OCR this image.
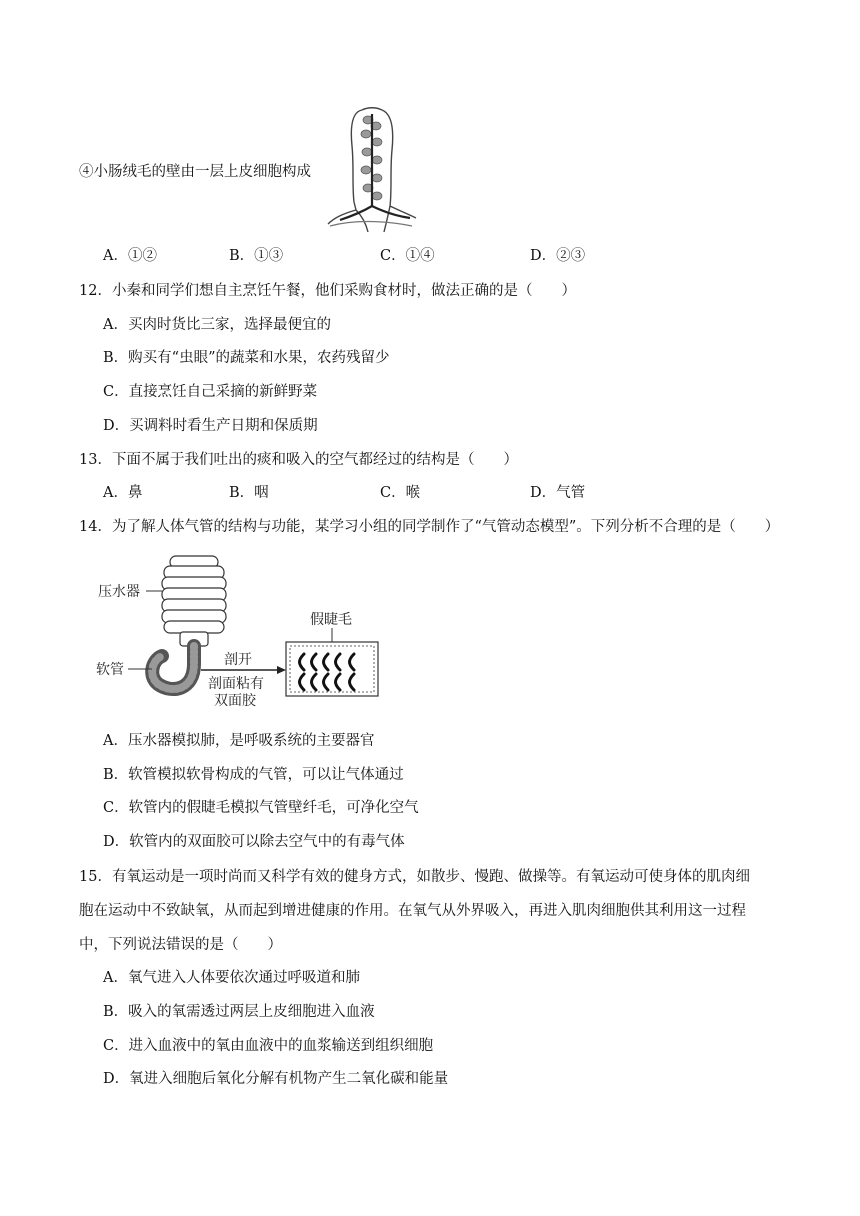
④小肠绒毛的壁由一层上皮细胞构成
A．①②	B．①③	C．①④	D．②③
12．小秦和同学们想自主烹饪午餐，他们采购食材时，做法正确的是（　　）
A．买肉时货比三家，选择最便宜的
B．购买有“虫眼”的蔬菜和水果，农药残留少
C．直接烹饪自己采摘的新鲜野菜
D．买调料时看生产日期和保质期
13．下面不属于我们吐出的痰和吸入的空气都经过的结构是（　　）
A．鼻	B．咽	C．喉	D．气管
14．为了解人体气管的结构与功能，某学习小组的同学制作了“气管动态模型”。下列分析不合理的是（　　）
压水器
软管
剖开
剖面粘有
双面胶
假睫毛
A．压水器模拟肺，是呼吸系统的主要器官
B．软管模拟软骨构成的气管，可以让气体通过
C．软管内的假睫毛模拟气管壁纤毛，可净化空气
D．软管内的双面胶可以除去空气中的有毒气体
15．有氧运动是一项时尚而又科学有效的健身方式，如散步、慢跑、做操等。有氧运动可使身体的肌肉细
胞在运动中不致缺氧，从而起到增进健康的作用。在氧气从外界吸入，再进入肌肉细胞供其利用这一过程
中，下列说法错误的是（　　）
A．氧气进入人体要依次通过呼吸道和肺
B．吸入的氧需透过两层上皮细胞进入血液
C．进入血液中的氧由血液中的血浆输送到组织细胞
D．氧进入细胞后氧化分解有机物产生二氧化碳和能量
